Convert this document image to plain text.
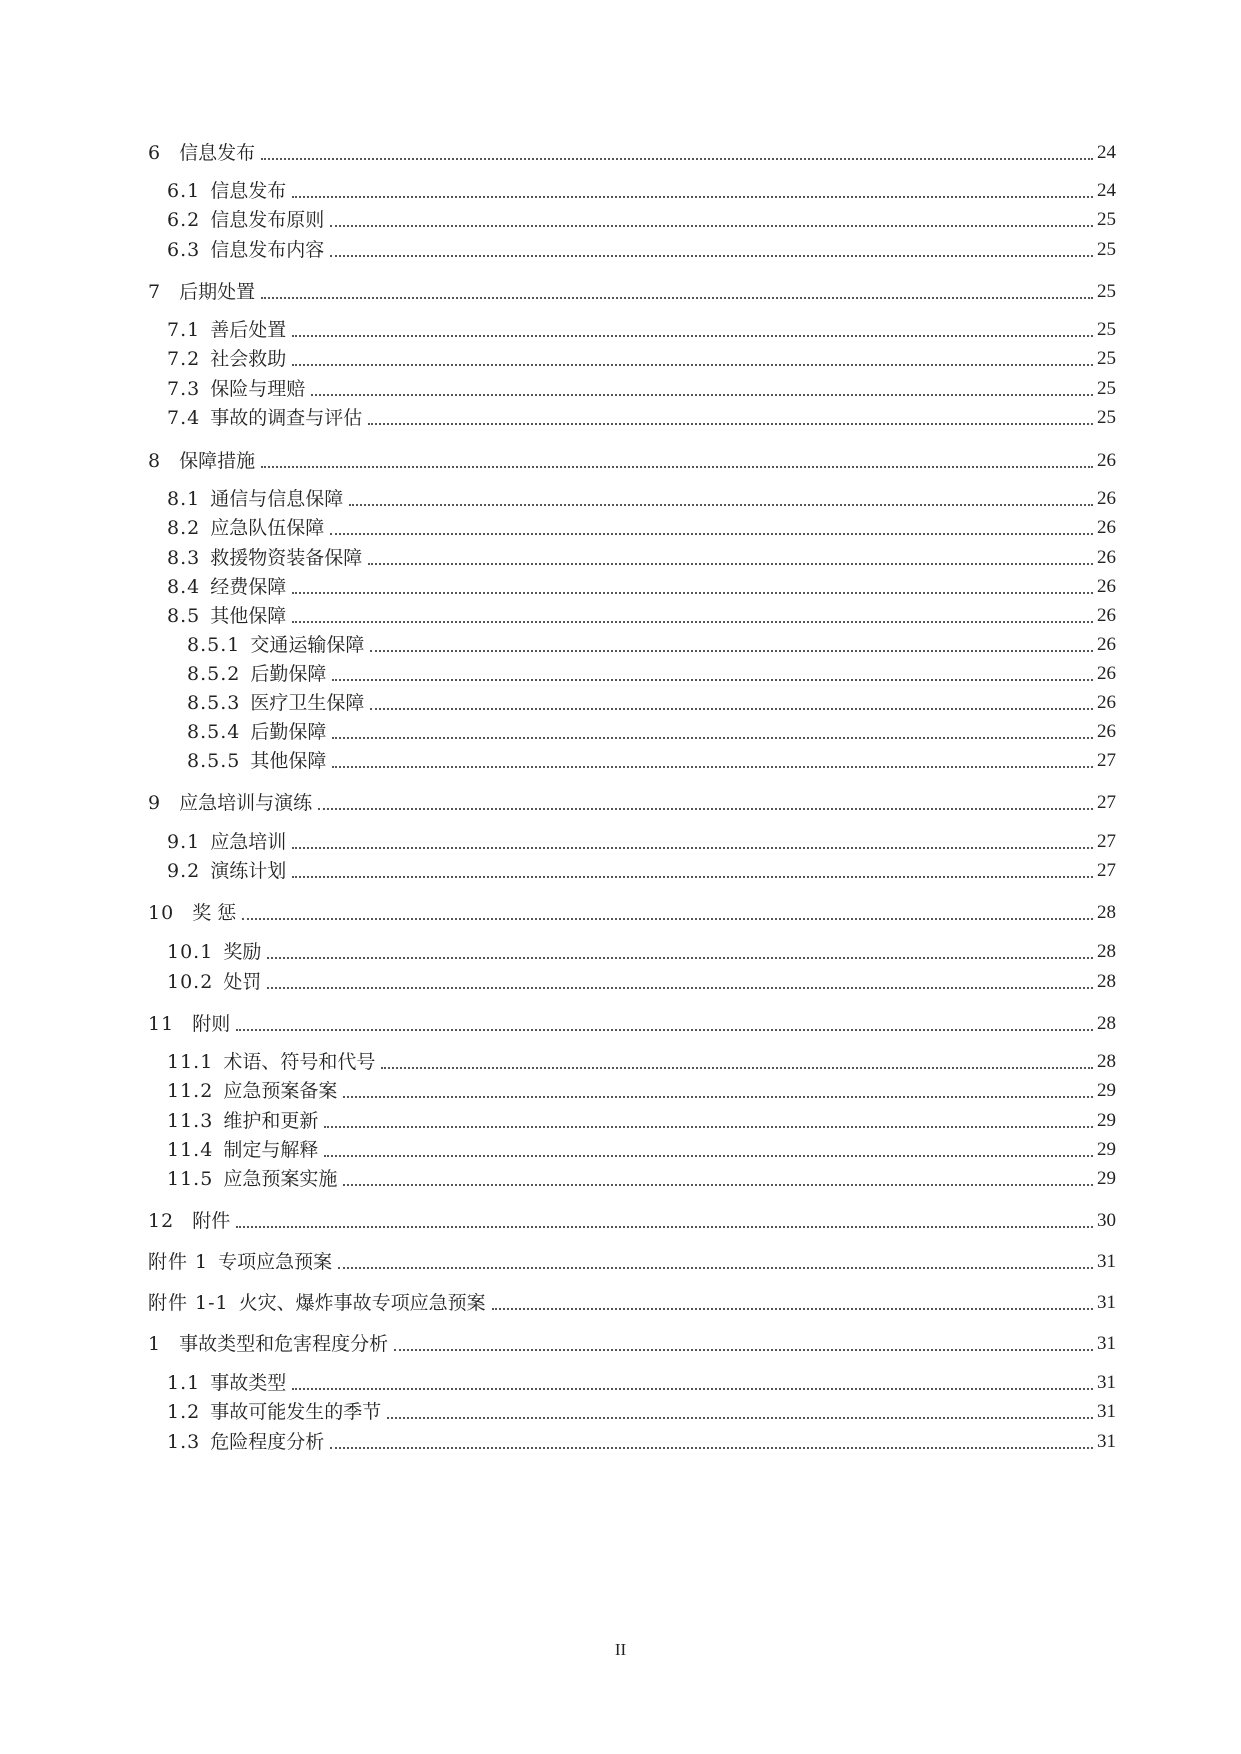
6 信息发布	24
6.1 信息发布	24
6.2 信息发布原则	25
6.3 信息发布内容	25
7 后期处置	25
7.1 善后处置	25
7.2 社会救助	25
7.3 保险与理赔	25
7.4 事故的调查与评估	25
8 保障措施	26
8.1 通信与信息保障	26
8.2 应急队伍保障	26
8.3 救援物资装备保障	26
8.4 经费保障	26
8.5 其他保障	26
8.5.1 交通运输保障	26
8.5.2 后勤保障	26
8.5.3 医疗卫生保障	26
8.5.4 后勤保障	26
8.5.5 其他保障	27
9 应急培训与演练	27
9.1 应急培训	27
9.2 演练计划	27
10 奖 惩	28
10.1 奖励	28
10.2 处罚	28
11 附则	28
11.1 术语、符号和代号	28
11.2 应急预案备案	29
11.3 维护和更新	29
11.4 制定与解释	29
11.5 应急预案实施	29
12 附件	30
附件 1 专项应急预案	31
附件 1-1 火灾、爆炸事故专项应急预案	31
1 事故类型和危害程度分析	31
1.1 事故类型	31
1.2 事故可能发生的季节	31
1.3 危险程度分析	31
II
